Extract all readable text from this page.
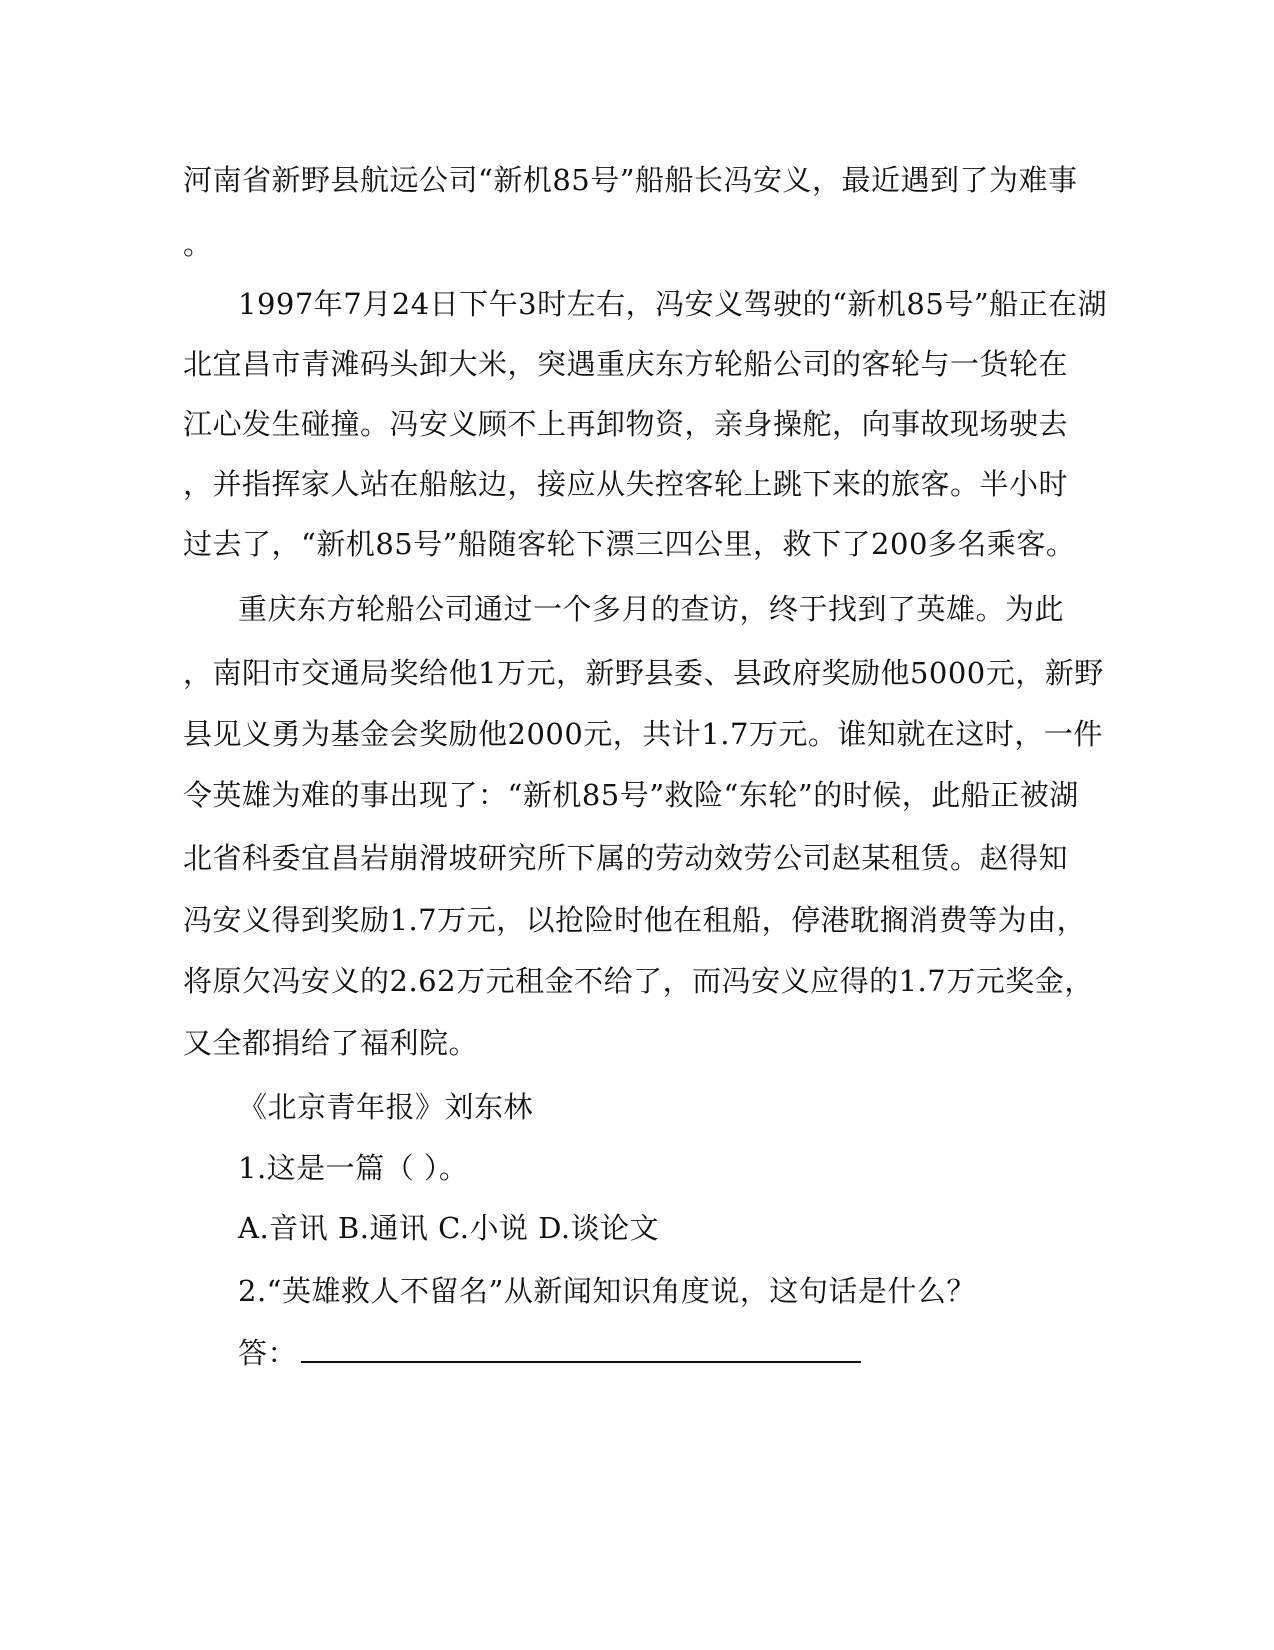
河南省新野县航远公司“新机85号”船船长冯安义，最近遇到了为难事
。
1997年7月24日下午3时左右，冯安义驾驶的“新机85号”船正在湖
北宜昌市青滩码头卸大米，突遇重庆东方轮船公司的客轮与一货轮在
江心发生碰撞。冯安义顾不上再卸物资，亲身操舵，向事故现场驶去
，并指挥家人站在船舷边，接应从失控客轮上跳下来的旅客。半小时
过去了，“新机85号”船随客轮下漂三四公里，救下了200多名乘客。
重庆东方轮船公司通过一个多月的查访，终于找到了英雄。为此
，南阳市交通局奖给他1万元，新野县委、县政府奖励他5000元，新野
县见义勇为基金会奖励他2000元，共计1.7万元。谁知就在这时，一件
令英雄为难的事出现了：“新机85号”救险“东轮”的时候，此船正被湖
北省科委宜昌岩崩滑坡研究所下属的劳动效劳公司赵某租赁。赵得知
冯安义得到奖励1.7万元，以抢险时他在租船，停港耽搁消费等为由，
将原欠冯安义的2.62万元租金不给了，而冯安义应得的1.7万元奖金，
又全都捐给了福利院。
《北京青年报》刘东林
1.这是一篇（ ）。
A.音讯 B.通讯 C.小说 D.谈论文
2.“英雄救人不留名”从新闻知识角度说，这句话是什么？
答：
